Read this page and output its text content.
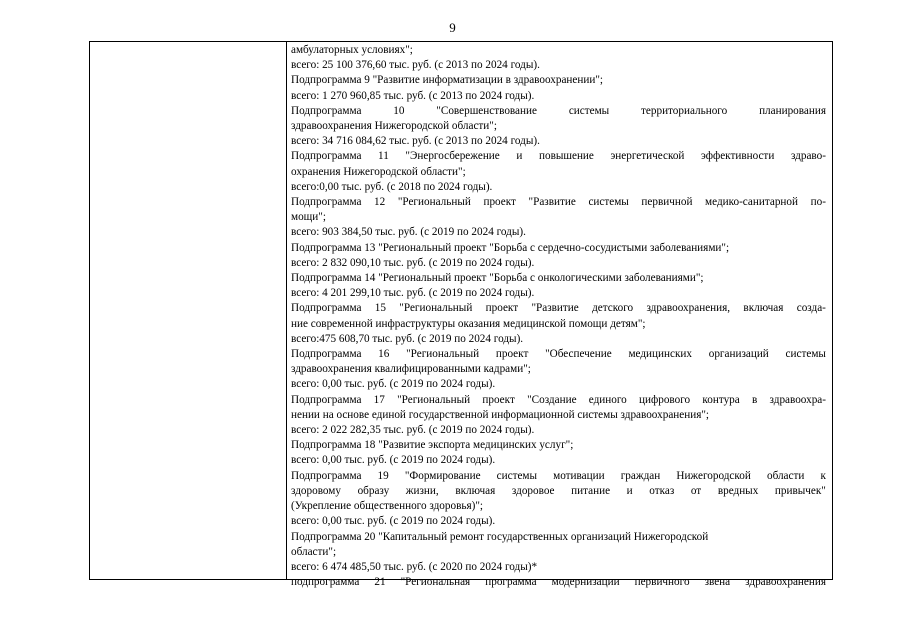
9
амбулаторных условиях";
всего: 25 100 376,60 тыс. руб. (с 2013 по 2024 годы).
Подпрограмма 9 "Развитие информатизации в здравоохранении";
всего: 1 270 960,85 тыс. руб. (с 2013 по 2024 годы).
Подпрограмма	10	"Совершенствование	системы	территориального	планирования
здравоохранения Нижегородской области";
всего: 34 716 084,62 тыс. руб. (с 2013 по 2024 годы).
Подпрограмма 11 "Энергосбережение и повышение энергетической эффективности здраво-
охранения Нижегородской области";
всего:0,00 тыс. руб. (с 2018 по 2024 годы).
Подпрограмма 12 "Региональный проект "Развитие системы первичной медико-санитарной по-
мощи";
всего: 903 384,50 тыс. руб. (с 2019 по 2024 годы).
Подпрограмма 13 "Региональный проект "Борьба с сердечно-сосудистыми заболеваниями";
всего: 2 832 090,10 тыс. руб. (с 2019 по 2024 годы).
Подпрограмма 14 "Региональный проект "Борьба с онкологическими заболеваниями";
всего: 4 201 299,10 тыс. руб. (с 2019 по 2024 годы).
Подпрограмма 15 "Региональный проект "Развитие детского здравоохранения, включая созда-
ние современной инфраструктуры оказания медицинской помощи детям";
всего:475 608,70 тыс. руб. (с 2019 по 2024 годы).
Подпрограмма 16 "Региональный проект "Обеспечение медицинских организаций системы
здравоохранения квалифицированными кадрами";
всего: 0,00 тыс. руб. (с 2019 по 2024 годы).
Подпрограмма 17 "Региональный проект "Создание единого цифрового контура в здравоохра-
нении на основе единой государственной информационной системы здравоохранения";
всего: 2 022 282,35 тыс. руб. (с 2019 по 2024 годы).
Подпрограмма 18 "Развитие экспорта медицинских услуг";
всего: 0,00 тыс. руб. (с 2019 по 2024 годы).
Подпрограмма 19 "Формирование системы мотивации граждан Нижегородской области к
здоровому образу жизни, включая здоровое питание и отказ от вредных привычек"
(Укрепление общественного здоровья)";
всего: 0,00 тыс. руб. (с 2019 по 2024 годы).
Подпрограмма 20 "Капитальный ремонт государственных организаций Нижегородской
области";
всего: 6 474 485,50 тыс. руб. (с 2020 по 2024 годы)*
подпрограмма 21 "Региональная программа модернизации первичного звена здравоохранения
